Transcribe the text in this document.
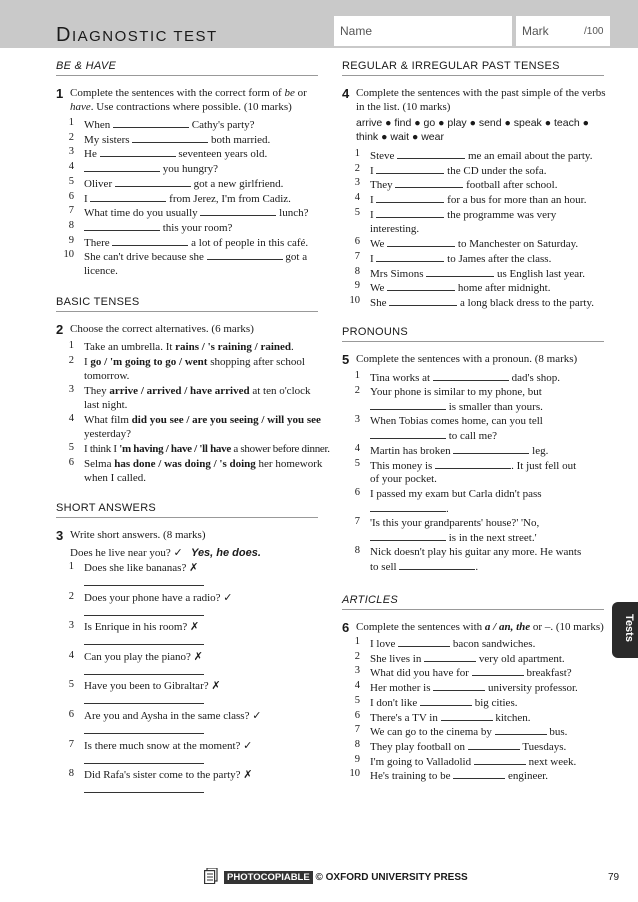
DIAGNOSTIC TEST	Name	Mark	/100
BE & HAVE
1 Complete the sentences with the correct form of be or
have. Use contractions where possible. (10 marks)
1 When	Cathy's party?
2 My sisters	both married.
3 He	seventeen years old.
4	you hungry?
5 Oliver	got a new girlfriend.
6 I	from Jerez, I'm from Cadiz.
7 What time do you usually	lunch?
8	this your room?
9 There	a lot of people in this café.
10 She can't drive because she	got a
licence.
BASIC TENSES
2 Choose the correct alternatives. (6 marks)
1 Take an umbrella. It rains / 's raining / rained.
2 I go / 'm going to go / went shopping after school
tomorrow.
3 They arrive / arrived / have arrived at ten o'clock
last night.
4 What film did you see / are you seeing / will you see
yesterday?
5 I think I 'm having / have / 'll have a shower before dinner.
6 Selma has done / was doing / 's doing her homework
when I called.
SHORT ANSWERS
3 Write short answers. (8 marks)
Does he live near you? ✓ Yes, he does.
1 Does she like bananas? ✗
2 Does your phone have a radio? ✓
3 Is Enrique in his room? ✗
4 Can you play the piano? ✗
5 Have you been to Gibraltar? ✗
6 Are you and Aysha in the same class? ✓
7 Is there much snow at the moment? ✓
8 Did Rafa's sister come to the party? ✗
REGULAR & IRREGULAR PAST TENSES
4 Complete the sentences with the past simple of the verbs
in the list. (10 marks)
arrive ● find ● go ● play ● send ● speak ● teach ●
think ● wait ● wear
1 Steve	me an email about the party.
2 I	the CD under the sofa.
3 They	football after school.
4 I	for a bus for more than an hour.
5 I	the programme was very
interesting.
6 We	to Manchester on Saturday.
7 I	to James after the class.
8 Mrs Simons	us English last year.
9 We	home after midnight.
10 She	a long black dress to the party.
PRONOUNS
5 Complete the sentences with a pronoun. (8 marks)
1 Tina works at	dad's shop.
2 Your phone is similar to my phone, but
is smaller than yours.
3 When Tobias comes home, can you tell
to call me?
4 Martin has broken	leg.
5 This money is	. It just fell out
of your pocket.
6 I passed my exam but Carla didn't pass
.
7 'Is this your grandparents' house?' 'No,
is in the next street.'
8 Nick doesn't play his guitar any more. He wants
to sell	.
ARTICLES
6 Complete the sentences with a / an, the or –. (10 marks)
1 I love	bacon sandwiches.
2 She lives in	very old apartment.
3 What did you have for	breakfast?
4 Her mother is	university professor.
5 I don't like	big cities.
6 There's a TV in	kitchen.
7 We can go to the cinema by	bus.
8 They play football on	Tuesdays.
9 I'm going to Valladolid	next week.
10 He's training to be	engineer.
Tests
PHOTOCOPIABLE © OXFORD UNIVERSITY PRESS	79
